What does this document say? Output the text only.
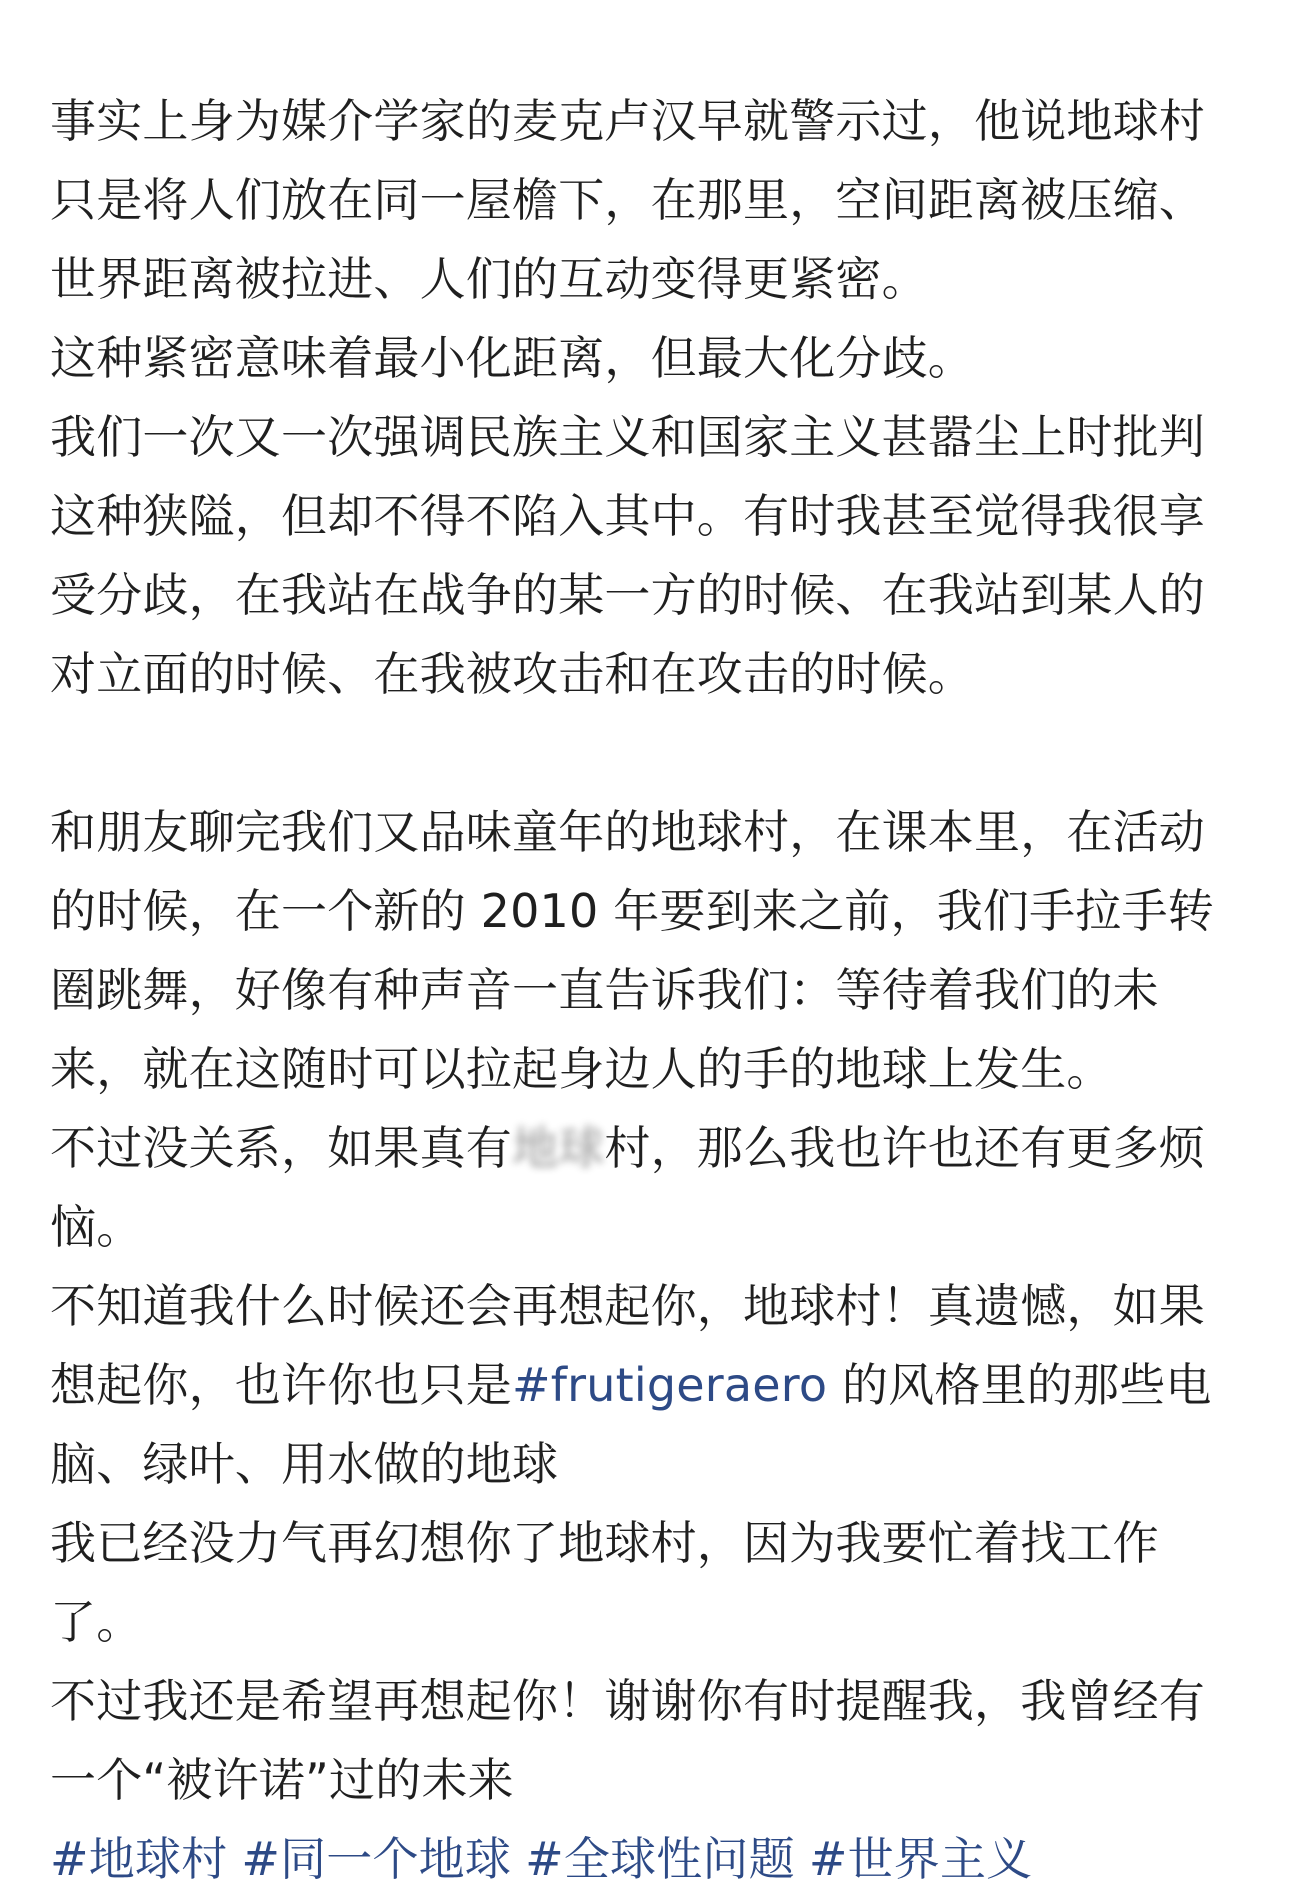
事实上身为媒介学家的麦克卢汉早就警示过，他说地球村
只是将人们放在同一屋檐下，在那里，空间距离被压缩、
世界距离被拉进、人们的互动变得更紧密。
这种紧密意味着最小化距离，但最大化分歧。
我们一次又一次强调民族主义和国家主义甚嚣尘上时批判
这种狭隘，但却不得不陷入其中。有时我甚至觉得我很享
受分歧，在我站在战争的某一方的时候、在我站到某人的
对立面的时候、在我被攻击和在攻击的时候。
和朋友聊完我们又品味童年的地球村，在课本里，在活动
的时候，在一个新的 2010 年要到来之前，我们手拉手转
圈跳舞，好像有种声音一直告诉我们：等待着我们的未
来，就在这随时可以拉起身边人的手的地球上发生。
不过没关系，如果真有地球村，那么我也许也还有更多烦
恼。
不知道我什么时候还会再想起你，地球村！真遗憾，如果
想起你，也许你也只是#frutigeraero 的风格里的那些电
脑、绿叶、用水做的地球
我已经没力气再幻想你了地球村，因为我要忙着找工作
了。
不过我还是希望再想起你！谢谢你有时提醒我，我曾经有
一个“被许诺”过的未来
#地球村 #同一个地球 #全球性问题 #世界主义
